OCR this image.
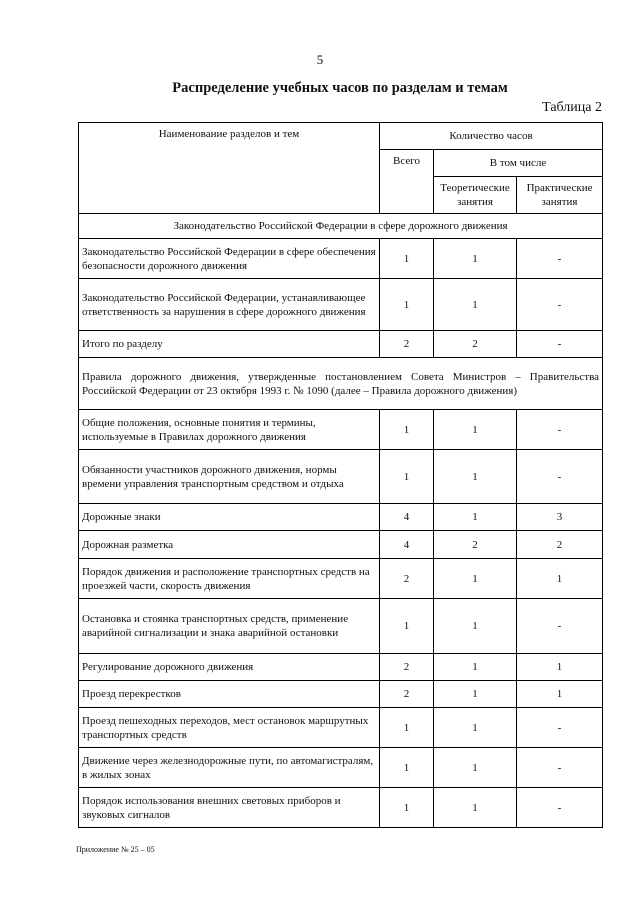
5
Распределение учебных часов по разделам и темам
Таблица 2
Наименование разделов и тем	Количество часов		
	Всего	В том числе	
		Теоретические занятия	Практические занятия
Законодательство Российской Федерации в сфере дорожного движения			
Законодательство Российской Федерации в сфере обеспечения безопасности дорожного движения	1	1	-
Законодательство Российской Федерации, устанавливающее ответственность за нарушения в сфере дорожного движения	1	1	-
Итого по разделу	2	2	-
Правила дорожного движения, утвержденные постановлением Совета Министров – Правительства Российской Федерации от 23 октября 1993 г. № 1090 (далее – Правила дорожного движения)			
Общие положения, основные понятия и термины, используемые в Правилах дорожного движения	1	1	-
Обязанности участников дорожного движения, нормы времени управления транспортным средством и отдыха	1	1	-
Дорожные знаки	4	1	3
Дорожная разметка	4	2	2
Порядок движения и расположение транспортных средств на проезжей части, скорость движения	2	1	1
Остановка и стоянка транспортных средств, применение аварийной сигнализации и знака аварийной остановки	1	1	-
Регулирование дорожного движения	2	1	1
Проезд перекрестков	2	1	1
Проезд пешеходных переходов, мест остановок маршрутных транспортных средств	1	1	-
Движение через железнодорожные пути, по автомагистралям, в жилых зонах	1	1	-
Порядок использования внешних световых приборов и звуковых сигналов	1	1	-
Приложение № 25 – 05
